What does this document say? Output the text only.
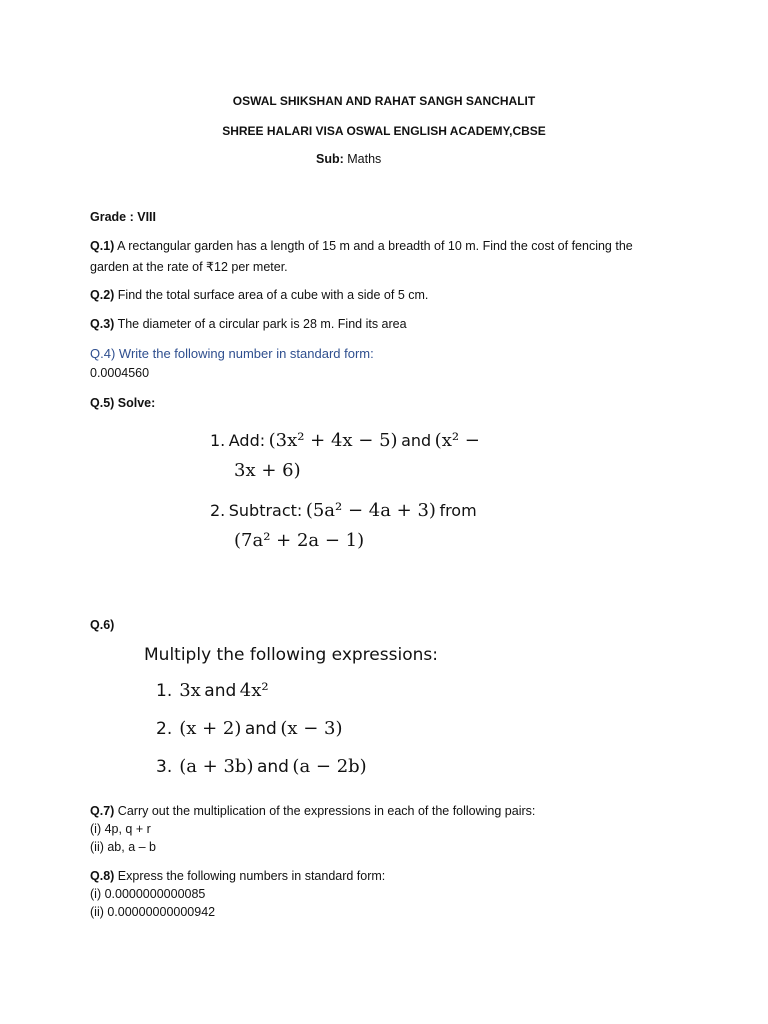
OSWAL SHIKSHAN AND RAHAT SANGH SANCHALIT
SHREE HALARI VISA OSWAL ENGLISH ACADEMY,CBSE
Sub: Maths
Grade : VIII
Q.1) A rectangular garden has a length of 15 m and a breadth of 10 m. Find the cost of fencing the
garden at the rate of ₹12 per meter.
Q.2) Find the total surface area of a cube with a side of 5 cm.
Q.3) The diameter of a circular park is 28 m. Find its area
Q.4) Write the following number in standard form:
0.0004560
Q.5) Solve:
1. Add: (3x² + 4x − 5) and (x² −
3x + 6)
2. Subtract: (5a² − 4a + 3) from
(7a² + 2a − 1)
Q.6)
Multiply the following expressions:
1. 3x and 4x²
2. (x + 2) and (x − 3)
3. (a + 3b) and (a − 2b)
Q.7) Carry out the multiplication of the expressions in each of the following pairs:
(i) 4p, q + r
(ii) ab, a – b
Q.8) Express the following numbers in standard form:
(i) 0.0000000000085
(ii) 0.00000000000942
